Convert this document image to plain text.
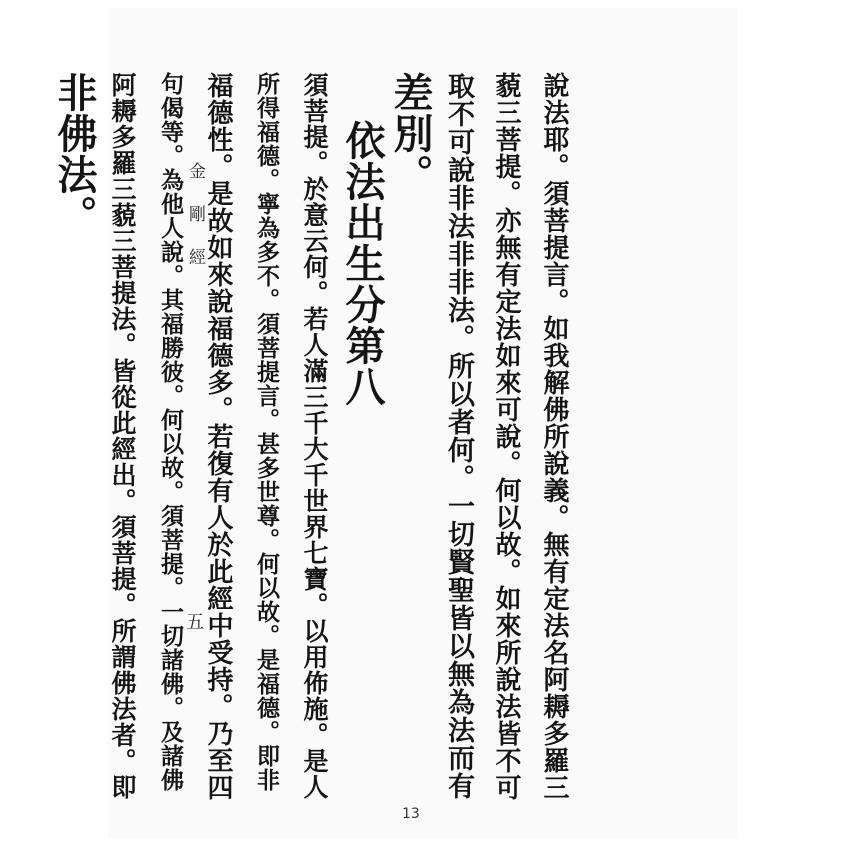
說法耶。須菩提言。如我解佛所說義。無有定法名阿耨多羅三
藐三菩提。亦無有定法如來可說。何以故。如來所說法皆不可
取不可說非法非非法。所以者何。一切賢聖皆以無為法而有
差別。
依法出生分第八
須菩提。於意云何。若人滿三千大千世界七寶。以用佈施。是人
所得福德。寧為多不。須菩提言。甚多世尊。何以故。是福德。即非
福德性。是故如來說福德多。若復有人於此經中受持。乃至四
句偈等。為他人說。其福勝彼。何以故。須菩提。一切諸佛。及諸佛
阿耨多羅三藐三菩提法。皆從此經出。須菩提。所謂佛法者。即
非佛法。	金剛經
五
13
